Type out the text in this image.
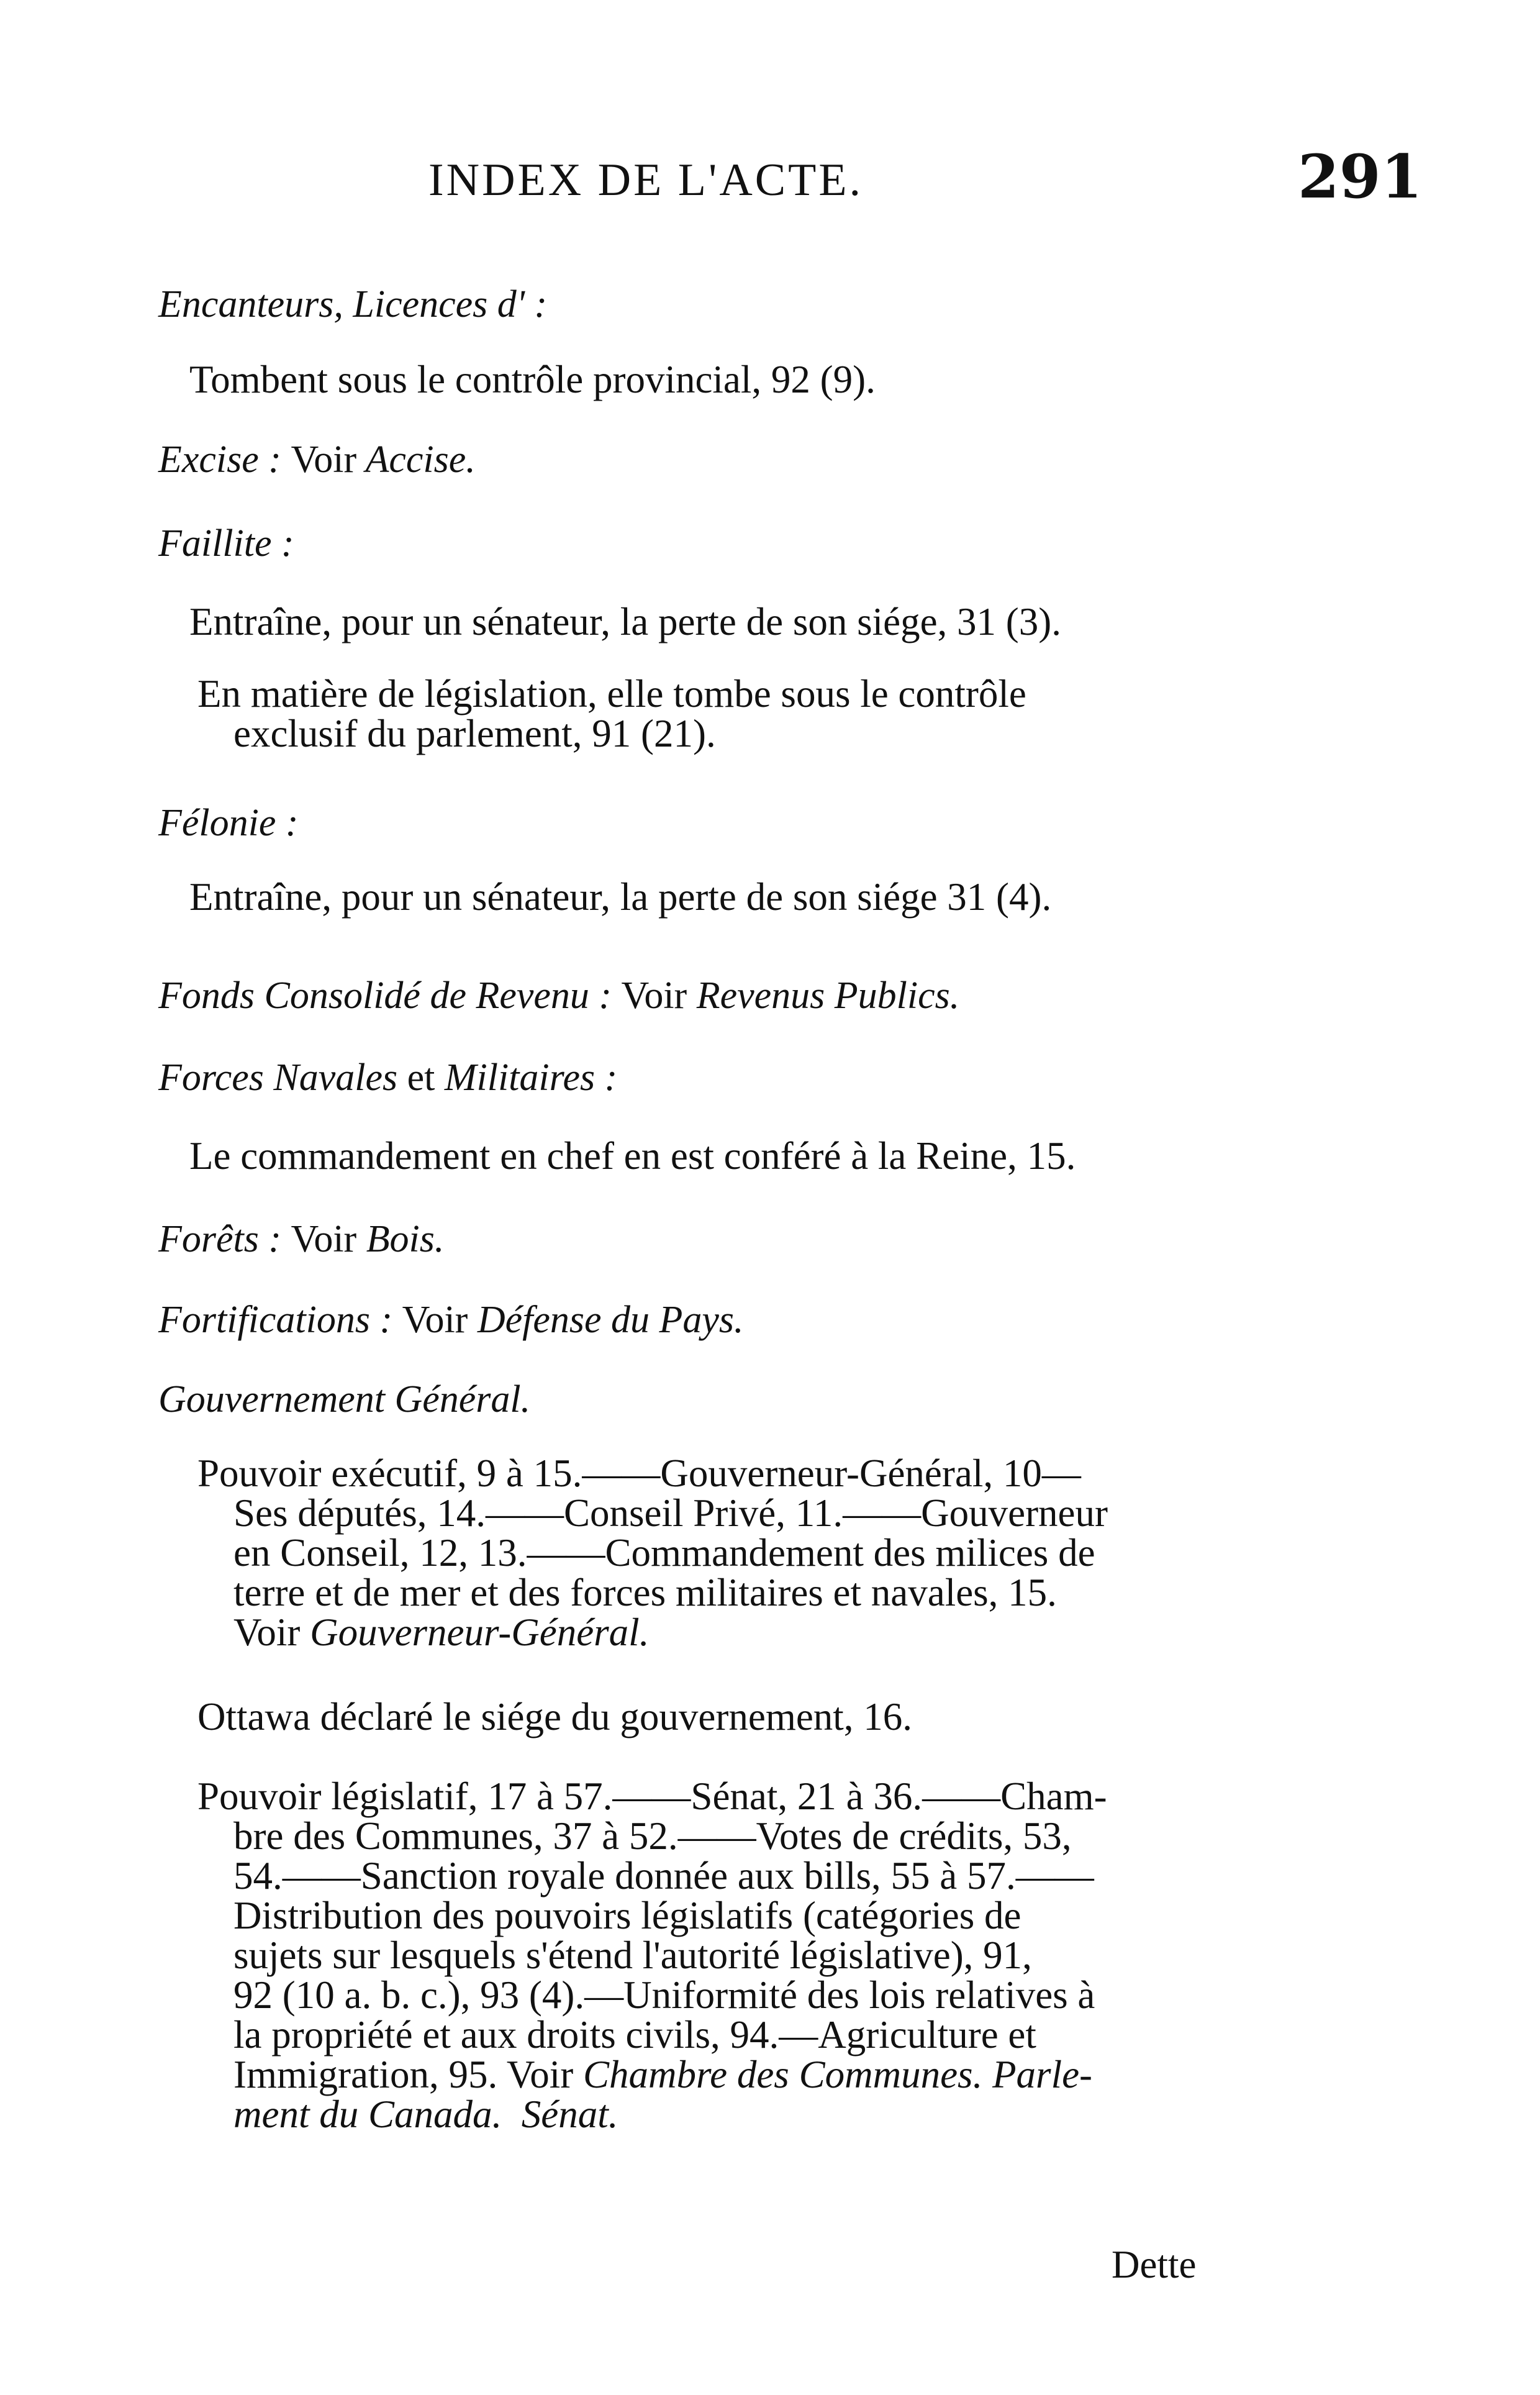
INDEX DE L'ACTE.	291
Encanteurs, Licences d' :
Tombent sous le contrôle provincial, 92 (9).
Excise : Voir Accise.
Faillite :
Entraîne, pour un sénateur, la perte de son siége, 31 (3).
En matière de législation, elle tombe sous le contrôle
exclusif du parlement, 91 (21).
Félonie :
Entraîne, pour un sénateur, la perte de son siége 31 (4).
Fonds Consolidé de Revenu : Voir Revenus Publics.
Forces Navales et Militaires :
Le commandement en chef en est conféré à la Reine, 15.
Forêts : Voir Bois.
Fortifications : Voir Défense du Pays.
Gouvernement Général.
Pouvoir exécutif, 9 à 15.——Gouverneur-Général, 10—
Ses députés, 14.——Conseil Privé, 11.——Gouverneur
en Conseil, 12, 13.——Commandement des milices de
terre et de mer et des forces militaires et navales, 15.
Voir Gouverneur-Général.
Ottawa déclaré le siége du gouvernement, 16.
Pouvoir législatif, 17 à 57.——Sénat, 21 à 36.——Cham-
bre des Communes, 37 à 52.——Votes de crédits, 53,
54.——Sanction royale donnée aux bills, 55 à 57.——
Distribution des pouvoirs législatifs (catégories de
sujets sur lesquels s'étend l'autorité législative), 91,
92 (10 a. b. c.), 93 (4).—Uniformité des lois relatives à
la propriété et aux droits civils, 94.—Agriculture et
Immigration, 95. Voir Chambre des Communes. Parle-
ment du Canada. Sénat.
Dette
